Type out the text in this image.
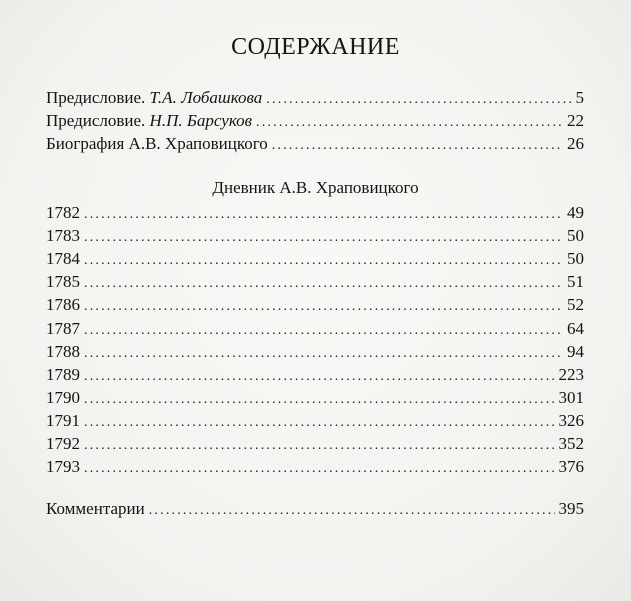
СОДЕРЖАНИЕ
Предисловие. Т.А. Лобашкова .....	5
Предисловие. Н.П. Барсуков .....	22
Биография А.В. Храповицкого .....	26
Дневник А.В. Храповицкого
1782 .....	49
1783 .....	50
1784 .....	50
1785 .....	51
1786 .....	52
1787 .....	64
1788 .....	94
1789 .....	223
1790 .....	301
1791 .....	326
1792 .....	352
1793 .....	376
Комментарии .....	395
